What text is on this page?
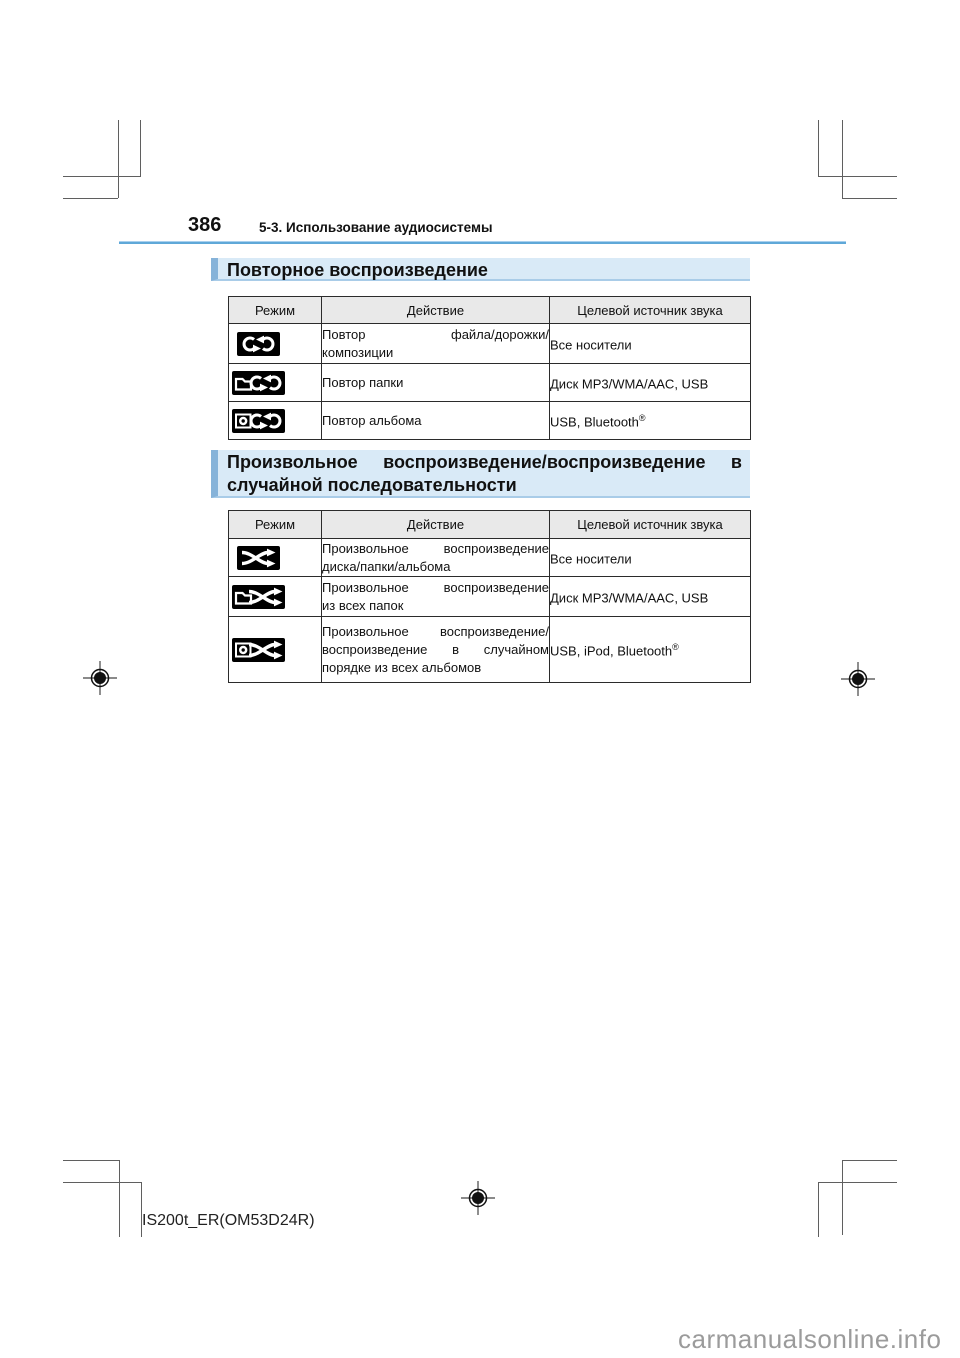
386	5-3. Использование аудиосистемы
Повторное воспроизведение
Режим	Действие	Целевой источник звука

Повтор файла/дорожки/
композиции	Все носители

Повтор папки	Диск MP3/WMA/AAC, USB

Повтор альбома	USB, Bluetooth®
Произвольное воспроизведение/воспроизведение в
случайной последовательности
Режим	Действие	Целевой источник звука

Произвольное воспроизведение
диска/папки/альбома	Все носители

Произвольное воспроизведение
из всех папок	Диск MP3/WMA/AAC, USB

Произвольное воспроизведение/
воспроизведение в случайном
порядке из всех альбомов	USB, iPod, Bluetooth®
IS200t_ER(OM53D24R)
carmanualsonline.info
